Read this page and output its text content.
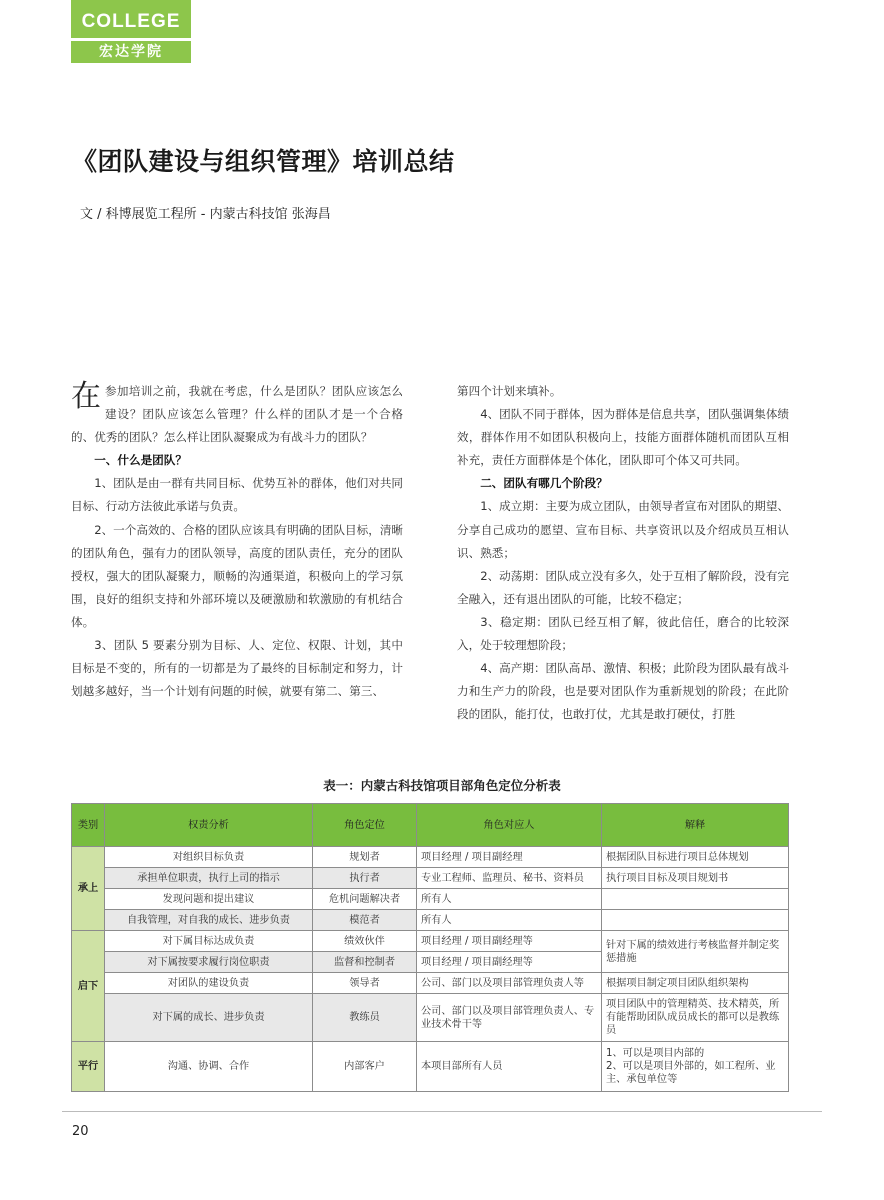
COLLEGE
宏达学院
《团队建设与组织管理》培训总结
文 / 科博展览工程所 - 内蒙古科技馆 张海昌

在参加培训之前，我就在考虑，什么是团队？团队应该怎么建设？团队应该怎么管理？什么样的团队才是一个合格的、优秀的团队？怎么样让团队凝聚成为有战斗力的团队？

一、什么是团队？

1、团队是由一群有共同目标、优势互补的群体，他们对共同目标、行动方法彼此承诺与负责。

2、一个高效的、合格的团队应该具有明确的团队目标，清晰的团队角色，强有力的团队领导，高度的团队责任，充分的团队授权，强大的团队凝聚力，顺畅的沟通渠道，积极向上的学习氛围，良好的组织支持和外部环境以及硬激励和软激励的有机结合体。

3、团队 5 要素分别为目标、人、定位、权限、计划，其中目标是不变的，所有的一切都是为了最终的目标制定和努力，计划越多越好，当一个计划有问题的时候，就要有第二、第三、

第四个计划来填补。

4、团队不同于群体，因为群体是信息共享，团队强调集体绩效，群体作用不如团队积极向上，技能方面群体随机而团队互相补充，责任方面群体是个体化，团队即可个体又可共同。

二、团队有哪几个阶段？

1、成立期：主要为成立团队，由领导者宣布对团队的期望、分享自己成功的愿望、宣布目标、共享资讯以及介绍成员互相认识、熟悉；

2、动荡期：团队成立没有多久，处于互相了解阶段，没有完全融入，还有退出团队的可能，比较不稳定；

3、稳定期：团队已经互相了解，彼此信任，磨合的比较深入，处于较理想阶段；

4、高产期：团队高昂、激情、积极；此阶段为团队最有战斗力和生产力的阶段，也是要对团队作为重新规划的阶段；在此阶段的团队，能打仗，也敢打仗，尤其是敢打硬仗，打胜

表一：内蒙古科技馆项目部角色定位分析表
类别	权责分析	角色定位	角色对应人	解释
承上	对组织目标负责	规划者	项目经理 / 项目副经理	根据团队目标进行项目总体规划
	承担单位职责，执行上司的指示	执行者	专业工程师、监理员、秘书、资料员	执行项目目标及项目规划书
	发现问题和提出建议	危机问题解决者	所有人	
	自我管理，对自我的成长、进步负责	模范者	所有人	
启下	对下属目标达成负责	绩效伙伴	项目经理 / 项目副经理等	针对下属的绩效进行考核监督并制定奖惩措施
	对下属按要求履行岗位职责	监督和控制者	项目经理 / 项目副经理等	
	对团队的建设负责	领导者	公司、部门以及项目部管理负责人等	根据项目制定项目团队组织架构
	对下属的成长、进步负责	教练员	公司、部门以及项目部管理负责人、专业技术骨干等	项目团队中的管理精英、技术精英，所有能帮助团队成员成长的都可以是教练员
平行	沟通、协调、合作	内部客户	本项目部所有人员	1、可以是项目内部的
2、可以是项目外部的，如工程所、业主、承包单位等
20
